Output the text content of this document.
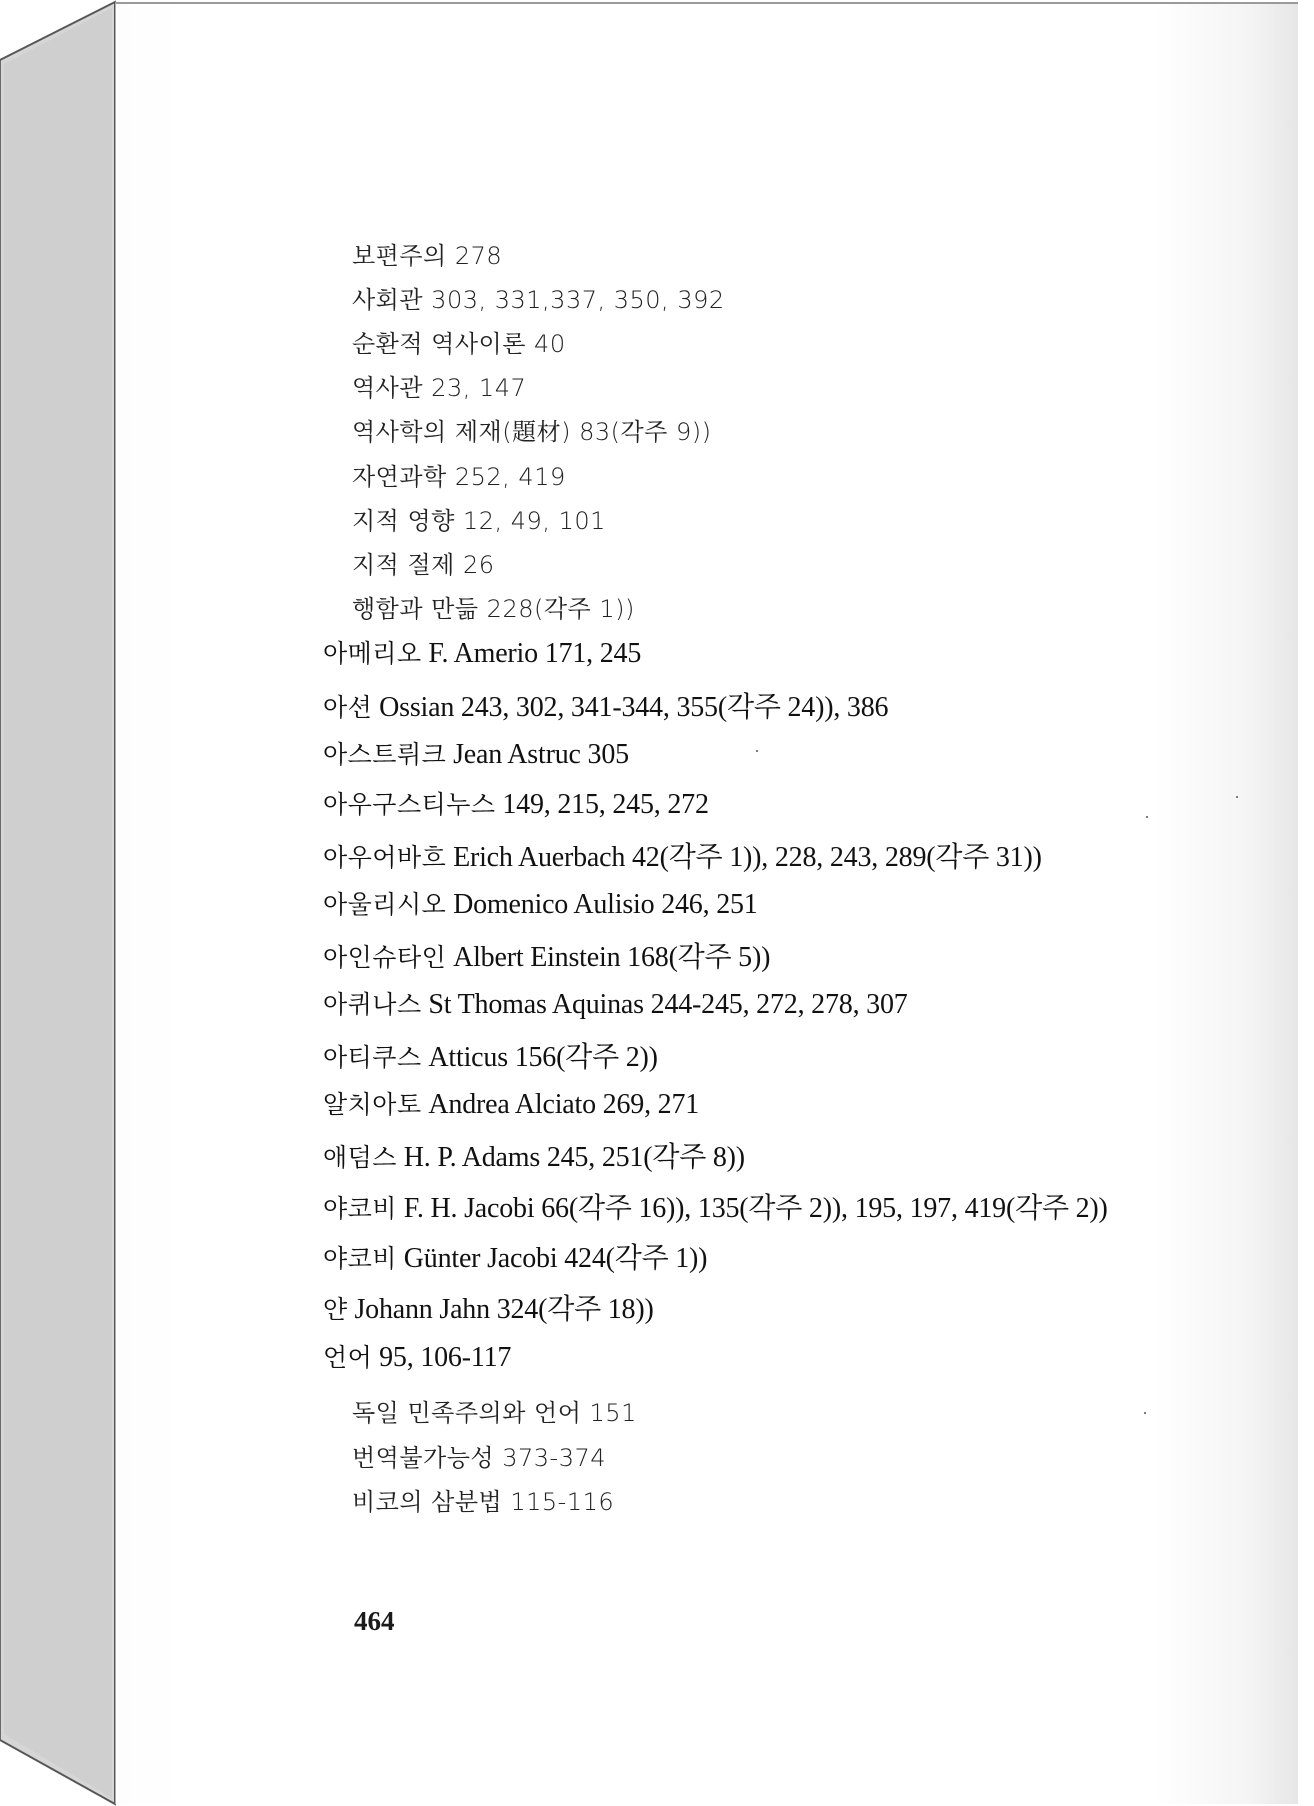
보편주의 278
사회관 303, 331,337, 350, 392
순환적 역사이론 40
역사관 23, 147
역사학의 제재(題材) 83(각주 9))
자연과학 252, 419
지적 영향 12, 49, 101
지적 절제 26
행함과 만듦 228(각주 1))
아메리오 F. Amerio 171, 245
아션 Ossian 243, 302, 341-344, 355(각주 24)), 386
아스트뤼크 Jean Astruc 305
아우구스티누스 149, 215, 245, 272
아우어바흐 Erich Auerbach 42(각주 1)), 228, 243, 289(각주 31))
아울리시오 Domenico Aulisio 246, 251
아인슈타인 Albert Einstein 168(각주 5))
아퀴나스 St Thomas Aquinas 244-245, 272, 278, 307
아티쿠스 Atticus 156(각주 2))
알치아토 Andrea Alciato 269, 271
애덤스 H. P. Adams 245, 251(각주 8))
야코비 F. H. Jacobi 66(각주 16)), 135(각주 2)), 195, 197, 419(각주 2))
야코비 Günter Jacobi 424(각주 1))
얀 Johann Jahn 324(각주 18))
언어 95, 106-117
독일 민족주의와 언어 151
번역불가능성 373-374
비코의 삼분법 115-116
464
